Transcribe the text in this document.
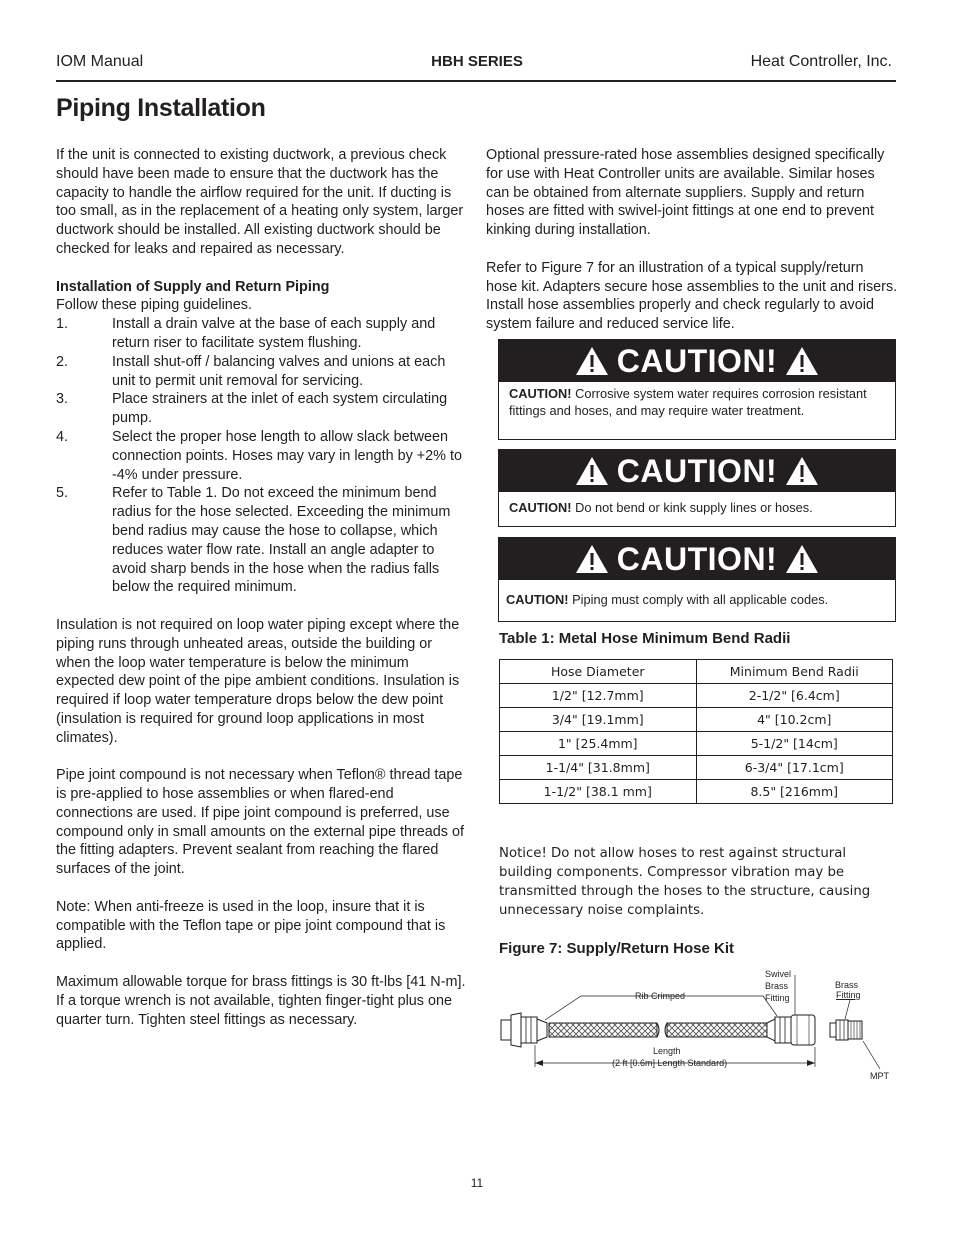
IOM Manual	HBH SERIES	Heat Controller, Inc.
Piping Installation

If the unit is connected to existing ductwork, a previous check should have been made to ensure that the ductwork has the capacity to handle the airflow required for the unit. If ducting is too small, as in the replacement of a heating only system, larger ductwork should be installed. All existing ductwork should be checked for leaks and repaired as necessary.

Installation of Supply and Return Piping

Follow these piping guidelines.

1.	Install a drain valve at the base of each supply and return riser to facilitate system flushing.
2.	Install shut-off / balancing valves and unions at each unit to permit unit removal for servicing.
3.	Place strainers at the inlet of each system circulating pump.
4.	Select the proper hose length to allow slack between connection points. Hoses may vary in length by +2% to -4% under pressure.
5.	Refer to Table 1. Do not exceed the minimum bend radius for the hose selected. Exceeding the minimum bend radius may cause the hose to collapse, which reduces water flow rate. Install an angle adapter to avoid sharp bends in the hose when the radius falls below the required minimum.

Insulation is not required on loop water piping except where the piping runs through unheated areas, outside the building or when the loop water temperature is below the minimum expected dew point of the pipe ambient conditions. Insulation is required if loop water temperature drops below the dew point (insulation is required for ground loop applications in most climates).

Pipe joint compound is not necessary when Teflon® thread tape is pre-applied to hose assemblies or when flared-end connections are used. If pipe joint compound is preferred, use compound only in small amounts on the external pipe threads of the fitting adapters. Prevent sealant from reaching the flared surfaces of the joint.

Note: When anti-freeze is used in the loop, insure that it is compatible with the Teflon tape or pipe joint compound that is applied.

Maximum allowable torque for brass fittings is 30 ft-lbs [41 N-m]. If a torque wrench is not available, tighten finger-tight plus one quarter turn. Tighten steel fittings as necessary.

Optional pressure-rated hose assemblies designed specifically for use with Heat Controller units are available. Similar hoses can be obtained from alternate suppliers. Supply and return hoses are fitted with swivel-joint fittings at one end to prevent kinking during installation.

Refer to Figure 7 for an illustration of a typical supply/return hose kit. Adapters secure hose assemblies to the unit and risers. Install hose assemblies properly and check regularly to avoid system failure and reduced service life.

CAUTION!
CAUTION! Corrosive system water requires corrosion resistant fittings and hoses, and may require water treatment.
CAUTION!
CAUTION! Do not bend or kink supply lines or hoses.
CAUTION!
CAUTION! Piping must comply with all applicable codes.
Table 1: Metal Hose Minimum Bend Radii
Hose Diameter	Minimum Bend Radii
1/2" [12.7mm]	2-1/2" [6.4cm]
3/4" [19.1mm]	4" [10.2cm]
1" [25.4mm]	5-1/2" [14cm]
1-1/4" [31.8mm]	6-3/4" [17.1cm]
1-1/2" [38.1 mm]	8.5" [216mm]
Notice! Do not allow hoses to rest against structural building components. Compressor vibration may be transmitted through the hoses to the structure, causing unnecessary noise complaints.
Figure 7: Supply/Return Hose Kit
Rib Crimped
Swivel
Brass
Fitting
Brass
Fitting
Length
(2 ft [0.6m] Length Standard)
MPT
11
